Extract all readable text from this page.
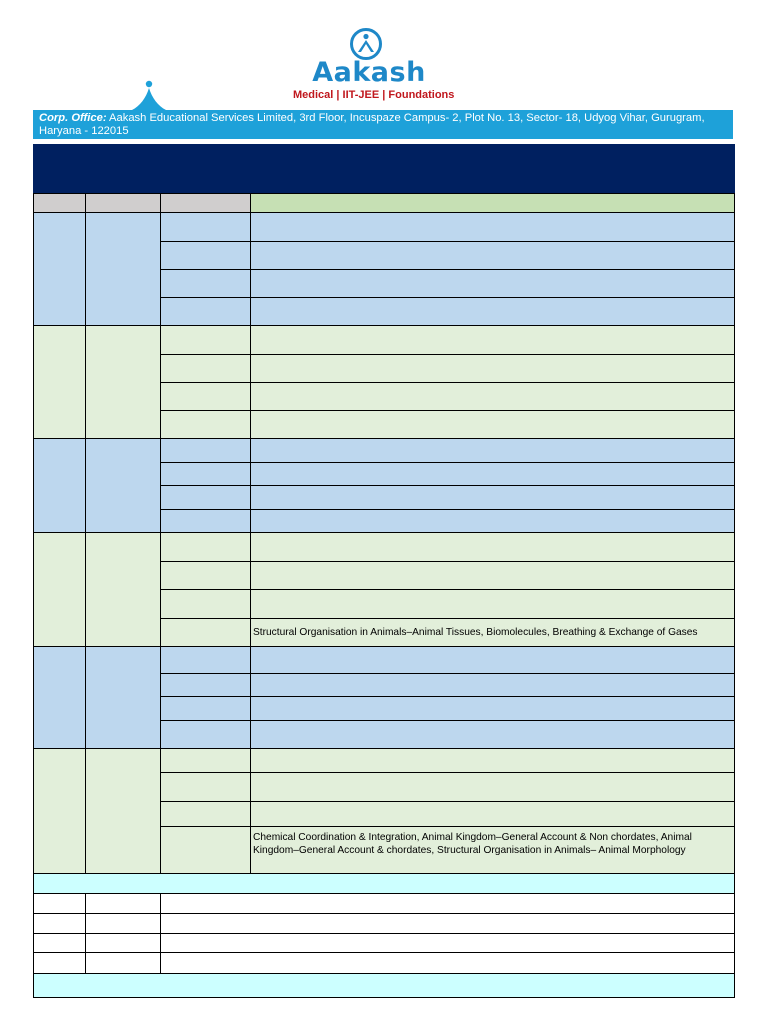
Aakash
Medical | IIT-JEE | Foundations
Corp. Office: Aakash Educational Services Limited, 3rd Floor, Incuspaze Campus- 2, Plot No. 13, Sector- 18, Udyog Vihar, Gurugram, Haryana - 122015
Structural Organisation in Animals–Animal Tissues, Biomolecules, Breathing & Exchange of Gases
Chemical Coordination & Integration, Animal Kingdom–General Account & Non chordates, Animal Kingdom–General Account & chordates, Structural Organisation in Animals– Animal Morphology
